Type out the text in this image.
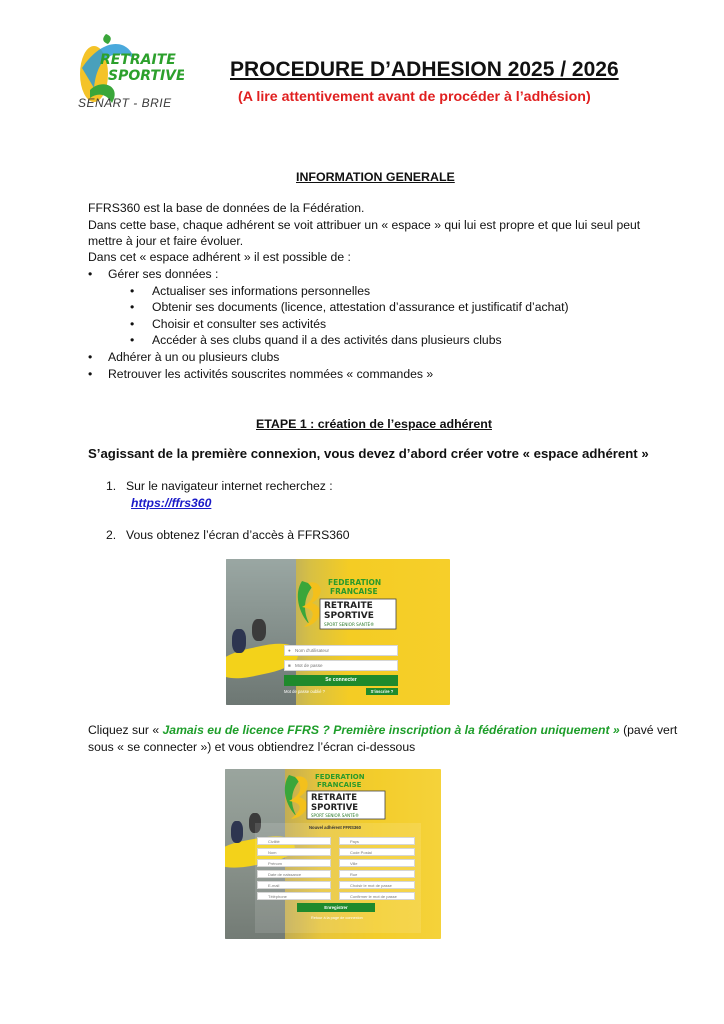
RETRAITE
SPORTIVE
SENART - BRIE
PROCEDURE D’ADHESION 2025 / 2026
(A lire attentivement avant de procéder à l’adhésion)
INFORMATION GENERALE
FFRS360 est la base de données de la Fédération.
Dans cette base, chaque adhérent se voit attribuer un « espace » qui lui est propre et que lui seul peut
mettre à jour et faire évoluer.
Dans cet « espace adhérent » il est possible de :
• Gérer ses données :
• Actualiser ses informations personnelles
• Obtenir ses documents (licence, attestation d’assurance et justificatif d’achat)
• Choisir et consulter ses activités
• Accéder à ses clubs quand il a des activités dans plusieurs clubs
• Adhérer à un ou plusieurs clubs
• Retrouver les activités souscrites nommées « commandes »
ETAPE 1 : création de l’espace adhérent
S’agissant de la première connexion, vous devez d’abord créer votre « espace adhérent »
1. Sur le navigateur internet recherchez :
https://ffrs360
2. Vous obtenez l’écran d’accès à FFRS360
FEDERATION
FRANCAISE
RETRAITE
SPORTIVE
SPORT SENIOR SANTÉ®
● Nom d'utilisateur
■ Mot de passe
Se connecter
Mot de passe oublié ?	S'inscrire ?
Cliquez sur « Jamais eu de licence FFRS ? Première inscription à la fédération uniquement » (pavé vert
sous « se connecter ») et vous obtiendrez l’écran ci-dessous
FEDERATION
FRANCAISE
RETRAITE
SPORTIVE
SPORT SENIOR SANTÉ®
Nouvel adhérent FFRS360
Civilité
Nom
Prénom
Date de naissance
E-mail
Téléphone
Pays
Code Postal
Ville
Rue
Choisir le mot de passe
Confirmer le mot de passe
Enregistrer
Retour à la page de connexion
